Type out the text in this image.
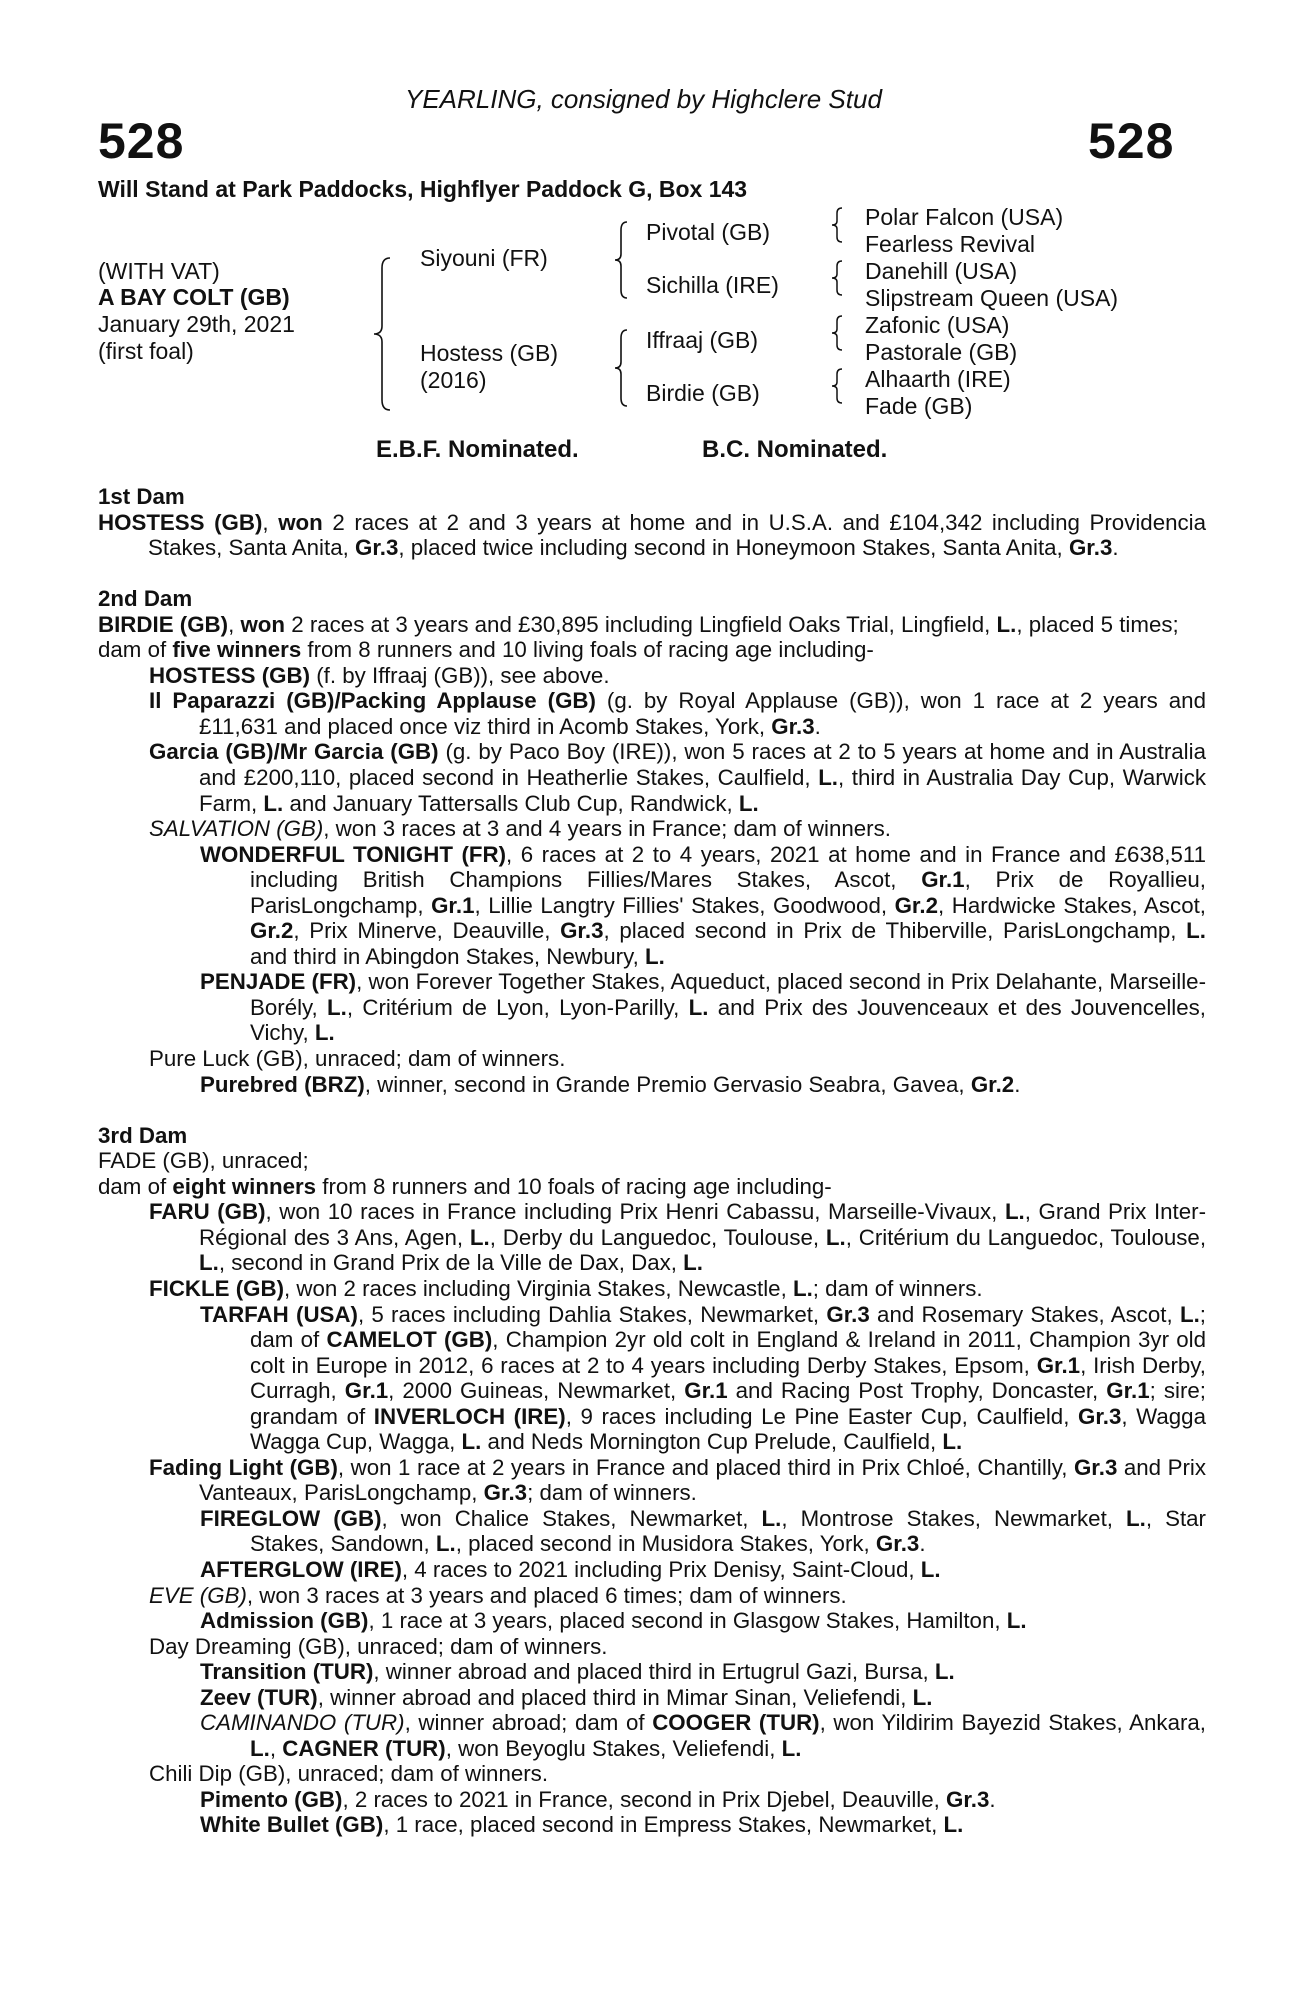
YEARLING, consigned by Highclere Stud
528	528
Will Stand at Park Paddocks, Highflyer Paddock G, Box 143
(WITH VAT)
A BAY COLT (GB)
January 29th, 2021
(first foal)
Siyouni (FR)
Hostess (GB)
(2016)
Pivotal (GB)
Sichilla (IRE)
Iffraaj (GB)
Birdie (GB)
Polar Falcon (USA)
Fearless Revival
Danehill (USA)
Slipstream Queen (USA)
Zafonic (USA)
Pastorale (GB)
Alhaarth (IRE)
Fade (GB)
E.B.F. Nominated.	B.C. Nominated.
1st Dam
HOSTESS (GB), won 2 races at 2 and 3 years at home and in U.S.A. and £104,342 including Providencia Stakes, Santa Anita, Gr.3, placed twice including second in Honeymoon Stakes, Santa Anita, Gr.3.
2nd Dam
BIRDIE (GB), won 2 races at 3 years and £30,895 including Lingfield Oaks Trial, Lingfield, L., placed 5 times;
dam of five winners from 8 runners and 10 living foals of racing age including-
HOSTESS (GB) (f. by Iffraaj (GB)), see above.
Il Paparazzi (GB)/Packing Applause (GB) (g. by Royal Applause (GB)), won 1 race at 2 years and £11,631 and placed once viz third in Acomb Stakes, York, Gr.3.
Garcia (GB)/Mr Garcia (GB) (g. by Paco Boy (IRE)), won 5 races at 2 to 5 years at home and in Australia and £200,110, placed second in Heatherlie Stakes, Caulfield, L., third in Australia Day Cup, Warwick Farm, L. and January Tattersalls Club Cup, Randwick, L.
SALVATION (GB), won 3 races at 3 and 4 years in France; dam of winners.
WONDERFUL TONIGHT (FR), 6 races at 2 to 4 years, 2021 at home and in France and £638,511 including British Champions Fillies/Mares Stakes, Ascot, Gr.1, Prix de Royallieu, ParisLongchamp, Gr.1, Lillie Langtry Fillies' Stakes, Goodwood, Gr.2, Hardwicke Stakes, Ascot, Gr.2, Prix Minerve, Deauville, Gr.3, placed second in Prix de Thiberville, ParisLongchamp, L. and third in Abingdon Stakes, Newbury, L.
PENJADE (FR), won Forever Together Stakes, Aqueduct, placed second in Prix Delahante, Marseille-Borély, L., Critérium de Lyon, Lyon-Parilly, L. and Prix des Jouvenceaux et des Jouvencelles, Vichy, L.
Pure Luck (GB), unraced; dam of winners.
Purebred (BRZ), winner, second in Grande Premio Gervasio Seabra, Gavea, Gr.2.
3rd Dam
FADE (GB), unraced;
dam of eight winners from 8 runners and 10 foals of racing age including-
FARU (GB), won 10 races in France including Prix Henri Cabassu, Marseille-Vivaux, L., Grand Prix Inter-Régional des 3 Ans, Agen, L., Derby du Languedoc, Toulouse, L., Critérium du Languedoc, Toulouse, L., second in Grand Prix de la Ville de Dax, Dax, L.
FICKLE (GB), won 2 races including Virginia Stakes, Newcastle, L.; dam of winners.
TARFAH (USA), 5 races including Dahlia Stakes, Newmarket, Gr.3 and Rosemary Stakes, Ascot, L.; dam of CAMELOT (GB), Champion 2yr old colt in England & Ireland in 2011, Champion 3yr old colt in Europe in 2012, 6 races at 2 to 4 years including Derby Stakes, Epsom, Gr.1, Irish Derby, Curragh, Gr.1, 2000 Guineas, Newmarket, Gr.1 and Racing Post Trophy, Doncaster, Gr.1; sire; grandam of INVERLOCH (IRE), 9 races including Le Pine Easter Cup, Caulfield, Gr.3, Wagga Wagga Cup, Wagga, L. and Neds Mornington Cup Prelude, Caulfield, L.
Fading Light (GB), won 1 race at 2 years in France and placed third in Prix Chloé, Chantilly, Gr.3 and Prix Vanteaux, ParisLongchamp, Gr.3; dam of winners.
FIREGLOW (GB), won Chalice Stakes, Newmarket, L., Montrose Stakes, Newmarket, L., Star Stakes, Sandown, L., placed second in Musidora Stakes, York, Gr.3.
AFTERGLOW (IRE), 4 races to 2021 including Prix Denisy, Saint-Cloud, L.
EVE (GB), won 3 races at 3 years and placed 6 times; dam of winners.
Admission (GB), 1 race at 3 years, placed second in Glasgow Stakes, Hamilton, L.
Day Dreaming (GB), unraced; dam of winners.
Transition (TUR), winner abroad and placed third in Ertugrul Gazi, Bursa, L.
Zeev (TUR), winner abroad and placed third in Mimar Sinan, Veliefendi, L.
CAMINANDO (TUR), winner abroad; dam of COOGER (TUR), won Yildirim Bayezid Stakes, Ankara, L., CAGNER (TUR), won Beyoglu Stakes, Veliefendi, L.
Chili Dip (GB), unraced; dam of winners.
Pimento (GB), 2 races to 2021 in France, second in Prix Djebel, Deauville, Gr.3.
White Bullet (GB), 1 race, placed second in Empress Stakes, Newmarket, L.
